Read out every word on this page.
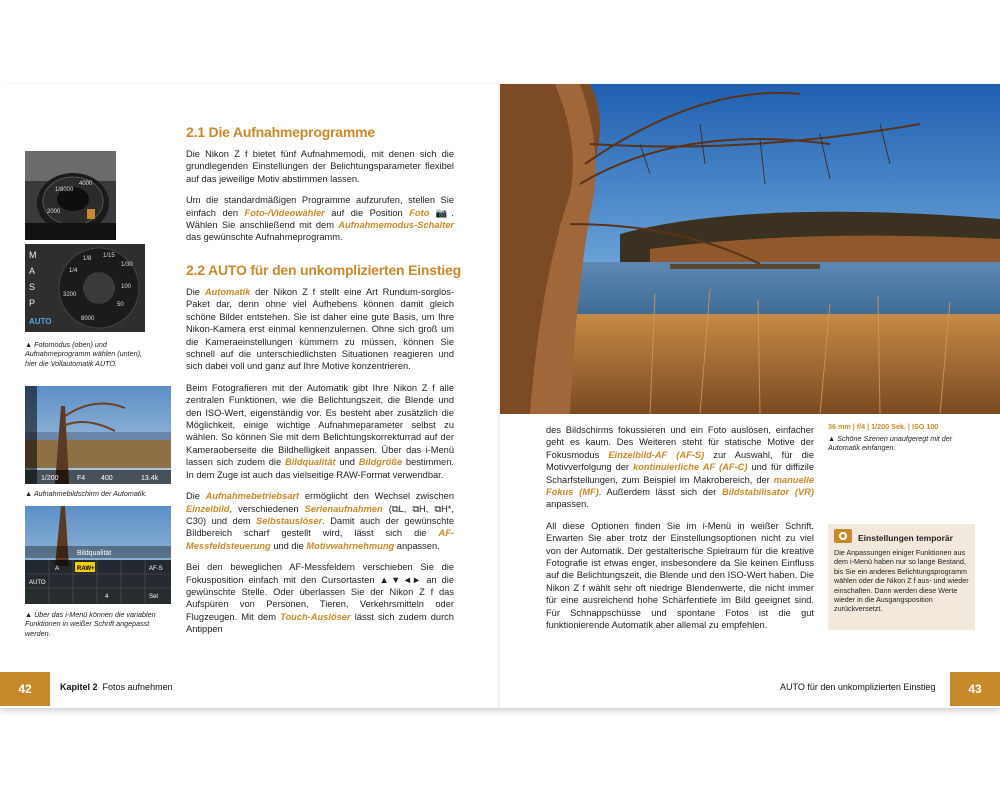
1/8000
4000
2000
M
A
S
P
AUTO
1/4
1/8 1/15
1/30
3200
100
50
8000
▲ Fotomodus (oben) und Aufnahmeprogramm wählen (unten), hier die Vollautomatik AUTO.
1/200	F4 400	13.4k
▲ Aufnahmebildschirm der Automatik.
Bildqualität
RAW+	AF-S
AUTO
A
4	Set
▲ Über das i-Menü können die variablen Funktionen in weißer Schrift angepasst werden.
2.1 Die Aufnahmeprogramme

Die Nikon Z f bietet fünf Aufnahmemodi, mit denen sich die grundlegenden Einstellungen der Belichtungsparameter flexibel auf das jeweilige Motiv abstimmen lassen.

Um die standardmäßigen Programme aufzurufen, stellen Sie einfach den Foto-/Videowähler auf die Position Foto 📷. Wählen Sie anschließend mit dem Aufnahmemodus-Schalter das gewünschte Aufnahmeprogramm.

2.2 AUTO für den unkomplizierten Einstieg

Die Automatik der Nikon Z f stellt eine Art Rundum-sorglos-Paket dar, denn ohne viel Aufhebens können damit gleich schöne Bilder entstehen. Sie ist daher eine gute Basis, um Ihre Nikon-Kamera erst einmal kennenzulernen. Ohne sich groß um die Kameraeinstellungen kümmern zu müssen, können Sie schnell auf die unterschiedlichsten Situationen reagieren und sich dabei voll und ganz auf Ihre Motive konzentrieren.

Beim Fotografieren mit der Automatik gibt Ihre Nikon Z f alle zentralen Funktionen, wie die Belichtungszeit, die Blende und den ISO-Wert, eigenständig vor. Es besteht aber zusätzlich die Möglichkeit, einige wichtige Aufnahmeparameter selbst zu wählen. So können Sie mit dem Belichtungskorrekturrad auf der Kameraoberseite die Bildhelligkeit anpassen. Über das i-Menü lassen sich zudem die Bildqualität und Bildgröße bestimmen. In dem Zuge ist auch das vielseitige RAW-Format verwendbar.

Die Aufnahmebetriebsart ermöglicht den Wechsel zwischen Einzelbild, verschiedenen Serienaufnahmen (⧉L, ⧉H, ⧉H*, C30) und dem Selbstauslöser. Damit auch der gewünschte Bildbereich scharf gestellt wird, lässt sich die AF-Messfeldsteuerung und die Motivwahrnehmung anpassen.

Bei den beweglichen AF-Messfeldern verschieben Sie die Fokusposition einfach mit den Cursortasten ▲▼◄► an die gewünschte Stelle. Oder überlassen Sie der Nikon Z f das Aufspüren von Personen, Tieren, Verkehrsmitteln oder Flugzeugen. Mit dem Touch-Auslöser lässt sich zudem durch Antippen

42	Kapitel 2 Fotos aufnehmen

des Bildschirms fokussieren und ein Foto auslösen, einfacher geht es kaum. Des Weiteren steht für statische Motive der Fokusmodus Einzelbild-AF (AF-S) zur Auswahl, für die Motivverfolgung der kontinuierliche AF (AF-C) und für diffizile Scharfstellungen, zum Beispiel im Makrobereich, der manuelle Fokus (MF). Außerdem lässt sich der Bildstabilisator (VR) anpassen.

All diese Optionen finden Sie im i-Menü in weißer Schrift. Erwarten Sie aber trotz der Einstellungsoptionen nicht zu viel von der Automatik. Der gestalterische Spielraum für die kreative Fotografie ist etwas enger, insbesondere da Sie keinen Einfluss auf die Belichtungszeit, die Blende und den ISO-Wert haben. Die Nikon Z f wählt sehr oft niedrige Blendenwerte, die nicht immer für eine ausreichend hohe Schärfentiefe im Bild geeignet sind. Für Schnappschüsse und spontane Fotos ist die gut funktionierende Automatik aber allemal zu empfehlen.

36 mm | f/4 | 1/200 Sek. | ISO 100
▲ Schöne Szenen unaufgeregt mit der Automatik einfangen.
AUTO für den unkomplizierten Einstieg	43
Einstellungen temporär
Die Anpassungen einiger Funktionen aus dem i-Menü haben nur so lange Bestand, bis Sie ein anderes Belichtungsprogramm wählen oder die Nikon Z f aus- und wieder einschalten. Dann werden diese Werte wieder in die Ausgangsposition zurückversetzt.
